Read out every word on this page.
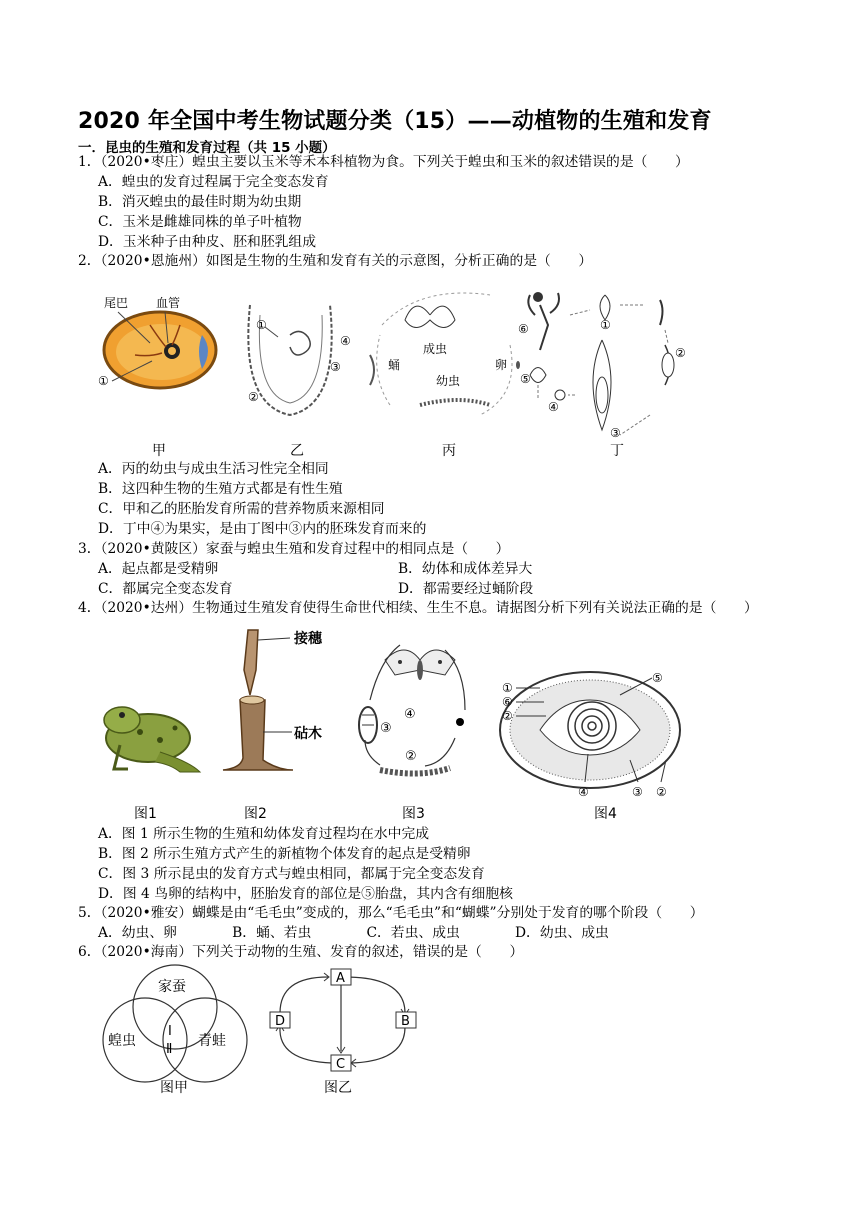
2020 年全国中考生物试题分类（15）——动植物的生殖和发育
一．昆虫的生殖和发育过程（共 15 小题）
1．（2020•枣庄）蝗虫主要以玉米等禾本科植物为食。下列关于蝗虫和玉米的叙述错误的是（　　）
A．蝗虫的发育过程属于完全变态发育
B．消灭蝗虫的最佳时期为幼虫期
C．玉米是雌雄同株的单子叶植物
D．玉米种子由种皮、胚和胚乳组成
2．（2020•恩施州）如图是生物的生殖和发育有关的示意图，分析正确的是（　　）
尾巴 血管
①
①
④
③
②
成虫
蛹	卵
幼虫
⑥	①
②
⑤
④
③
甲	乙	丙	丁
A．丙的幼虫与成虫生活习性完全相同
B．这四种生物的生殖方式都是有性生殖
C．甲和乙的胚胎发育所需的营养物质来源相同
D．丁中④为果实，是由丁图中③内的胚珠发育而来的
3．（2020•黄陂区）家蚕与蝗虫生殖和发育过程中的相同点是（　　）
A．起点都是受精卵	B．幼体和成体差异大
C．都属完全变态发育	D．都需要经过蛹阶段
4．（2020•达州）生物通过生殖发育使得生命世代相续、生生不息。请据图分析下列有关说法正确的是（　　）
接穗
砧木
④
③
②
①
⑥
②
⑤
④	③ ②
图1	图2	图3	图4
A．图 1 所示生物的生殖和幼体发育过程均在水中完成
B．图 2 所示生殖方式产生的新植物个体发育的起点是受精卵
C．图 3 所示昆虫的发育方式与蝗虫相同，都属于完全变态发育
D．图 4 鸟卵的结构中，胚胎发育的部位是⑤胎盘，其内含有细胞核
5．（2020•雅安）蝴蝶是由“毛毛虫”变成的，那么“毛毛虫”和“蝴蝶”分别处于发育的哪个阶段（　　）
A．幼虫、卵　　　　B．蛹、若虫　　　　C．若虫、成虫　　　　D．幼虫、成虫
6．（2020•海南）下列关于动物的生殖、发育的叙述，错误的是（　　）
家蚕
蝗虫	青蛙
Ⅰ
Ⅱ
图甲
A
B
C
D
图乙
